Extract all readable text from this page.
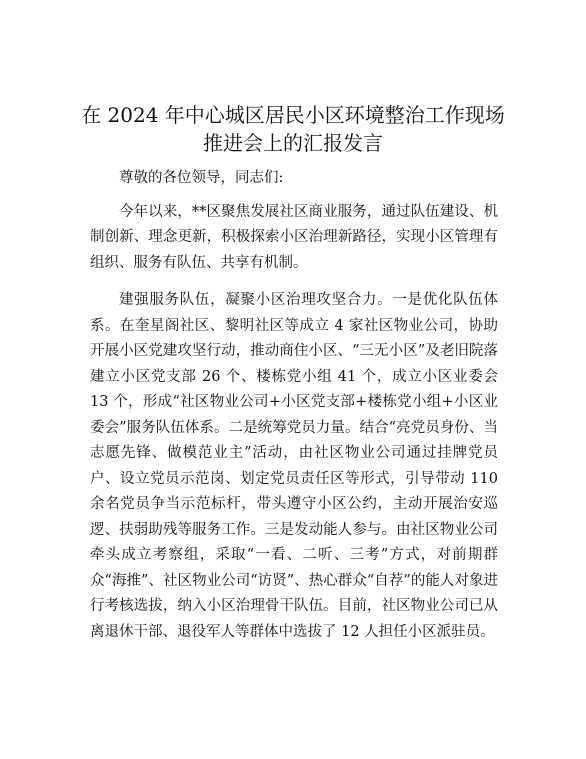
在 2024 年中心城区居民小区环境整治工作现场
推进会上的汇报发言

尊敬的各位领导，同志们:

今年以来，**区聚焦发展社区商业服务，通过队伍建设、机制创新、理念更新，积极探索小区治理新路径，实现小区管理有组织、服务有队伍、共享有机制。

建强服务队伍，凝聚小区治理攻坚合力。一是优化队伍体系。在奎星阁社区、黎明社区等成立 4 家社区物业公司，协助开展小区党建攻坚行动，推动商住小区、“三无小区”及老旧院落建立小区党支部 26 个、楼栋党小组 41 个，成立小区业委会 13 个，形成“社区物业公司+小区党支部+楼栋党小组+小区业委会”服务队伍体系。二是统筹党员力量。结合“亮党员身份、当志愿先锋、做模范业主”活动，由社区物业公司通过挂牌党员户、设立党员示范岗、划定党员责任区等形式，引导带动 110 余名党员争当示范标杆，带头遵守小区公约，主动开展治安巡逻、扶弱助残等服务工作。三是发动能人参与。由社区物业公司牵头成立考察组，采取“一看、二听、三考”方式，对前期群众“海推”、社区物业公司“访贤”、热心群众“自荐”的能人对象进行考核选拔，纳入小区治理骨干队伍。目前，社区物业公司已从离退休干部、退役军人等群体中选拔了 12 人担任小区派驻员。
